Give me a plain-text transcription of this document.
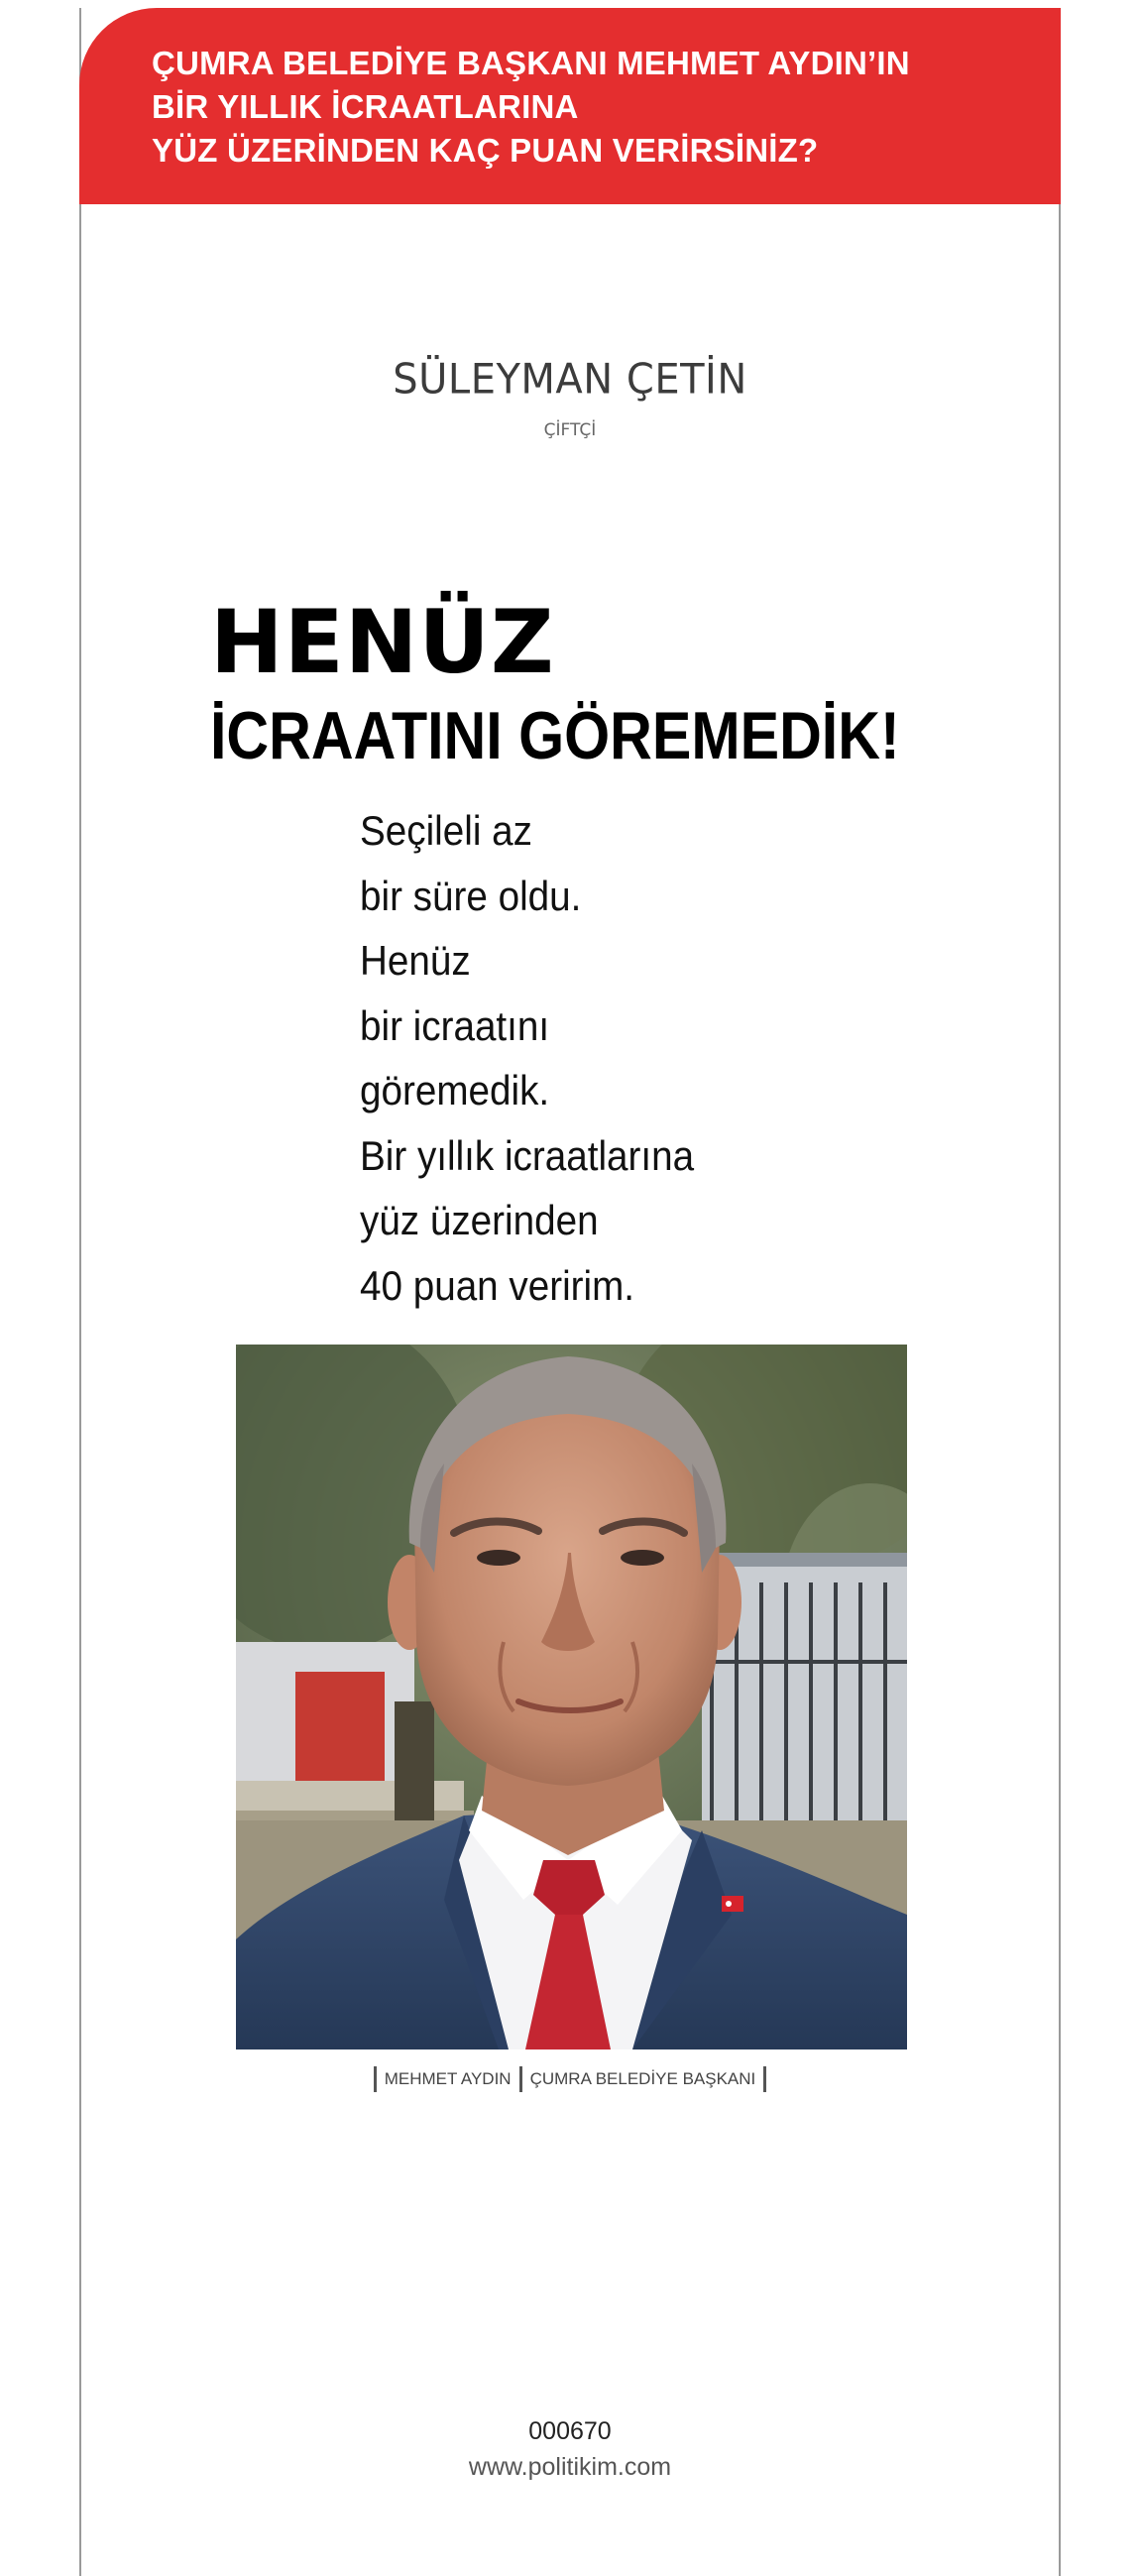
ÇUMRA BELEDİYE BAŞKANI MEHMET AYDIN’IN
BİR YILLIK İCRAATLARINA
YÜZ ÜZERİNDEN KAÇ PUAN VERİRSİNİZ?
SÜLEYMAN ÇETİN
ÇİFTÇİ
HENÜZ
İCRAATINI GÖREMEDİK!
Seçileli az
bir süre oldu.
Henüz
bir icraatını
göremedik.
Bir yıllık icraatlarına
yüz üzerinden
40 puan veririm.
MEHMET AYDIN ÇUMRA BELEDİYE BAŞKANI
000670
www.politikim.com
